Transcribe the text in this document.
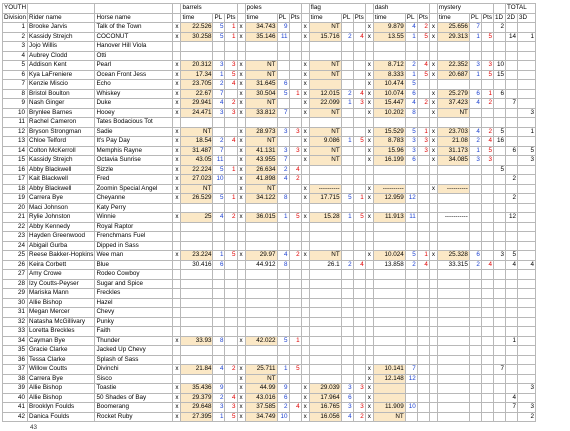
YOUTH				barrels				poles				flag				dash				mystery				TOTAL	
Division	Rider name	Horse name		time	PL	Pts		time	PL	Pts		time	PL	Pts		time	PL	Pts		time	PL	Pts	1D	2D	3D
1	Brooke Jarvis	Talk of the Town	x	22.526	5	1	x	34.743	9		x	NT			x	9.879	4	2	x	25.656	7		2		
2	Kassidy Strejch	COCONUT	x	30.258	5	1	x	35.146	11		x	15.716	2	4	x	13.55	1	5	x	29.313	1	5		14	1
3	Jojo Willis	Hanover Hill Viola																							
4	Aubrey Clodd	Otti																							
5	Addison Kent	Pearl	x	20.312	3	3	x	NT			x	NT			x	8.712	2	4	x	22.352	3	3	10		
6	Kya LaFreniere	Ocean Front Jess	x	17.34	1	5	x	NT			x	NT			x	8.333	1	5	x	20.687	1	5	15		
7	Kenzie Miscio	Echo	x	23.705	2	4	x	31.645	6		x				x	10.474	5								
8	Bristol Boulton	Whiskey	x	22.67	7		x	30.504	5	1	x	12.015	2	4	x	10.074	6		x	25.279	6	1	6		
9	Nash Ginger	Duke	x	29.941	4	2	x	NT			x	22.099	1	3	x	15.447	4	2	x	37.423	4	2		7	
10	Brynlee Barnes	Hooey	x	24.471	3	3	x	33.812	7		x	NT			x	10.202	8		x	NT					3
11	Rachel Cameron	Tates Bodacious Tot																							
12	Bryson Strongman	Sadie	x	NT			x	28.973	3	3	x	NT			x	15.529	5	1	x	23.703	4	2	5		1
13	Chloe Telford	It's Pay Day	x	18.54	2	4	x	NT			x	9.086	1	5	x	8.783	3	3	x	21.08	2	4	16		
14	Colton McKerroll	Memphis Rayne	x	31.487	7		x	41.131	3	3	x	NT			x	15.96	3	3	x	31.173	1	5		6	5
15	Kassidy Strejch	Octavia Sunrise	x	43.05	11		x	43.955	7		x	NT			x	16.199	6		x	34.085	3	3			3
16	Abby Blackwell	Sizzle	x	22.224	5	1	x	26.634	2	4													5		
17	Kait Blackwell	Fred	x	27.023	10		x	41.898	4	2														2	
18	Abby Blackwell	Zoomin Special Angel	x	NT			x	NT			x	----------			x	----------			x	----------					
19	Carrera Bye	Cheyanne	x	26.529	5	1	x	34.122	8		x	17.715	5	1	x	12.959	12							2	
20	Maci Johnson	Katy Perry																							
21	Rylie Johnston	Winnie	x	25	4	2	x	36.015	1	5	x	15.28	1	5	x	11.913	11			-----------				12	
22	Abby Kennedy	Royal Raptor																							
23	Hayden Greenwood	Frenchmans Fuel																							
24	Abigail Gurba	Dipped in Sass																							
25	Reese Bakker-Hopkins	Wee man	x	23.224	1	5	x	29.97	4	2	x	NT			x	10.024	5	1	x	25.328	6		3	5	
26	Keira Corbett	Blue		30.416	6			44.912	8			26.1	2	4		13.858	2	4		33.315	2	4		4	4
27	Amy Crowe	Rodeo Cowboy																							
28	Izy Coutts-Peyser	Sugar and Spice																							
29	Mariska Mann	Freckles																							
30	Allie Bishop	Hazel																							
31	Megan Mercer	Chevy																							
32	Natasha McGillivary	Punky																							
33	Loretta Breckles	Faith																							
34	Cayman Bye	Thunder	x	33.93	8		x	42.022	5	1														1	
35	Gracie Clarke	Jacked Up Chevy																							
36	Tessa Clarke	Splash of Sass																							
37	Willow Coutts	Divinchi	x	21.84	4	2	x	25.711	1	5					x	10.141	7						7		
38	Carrera Bye	Sisco					x	NT							x	12.148	12								
39	Allie Bishop	Toastie	x	35.436	9		x	44.99	9		x	29.039	3	3	x										3
40	Allie Bishop	50 Shades of Bay	x	29.379	2	4	x	43.016	6		x	17.964	6		x									4	
41	Brooklyn Foulds	Boomerang	x	29.648	3	3	x	37.585	2	4	x	16.765	3	3	x	11.909	10							7	3
42	Danica Foulds	Rocket Ruby	x	27.395	1	5	x	34.749	10		x	16.056	4	2	x	NT									2
43
